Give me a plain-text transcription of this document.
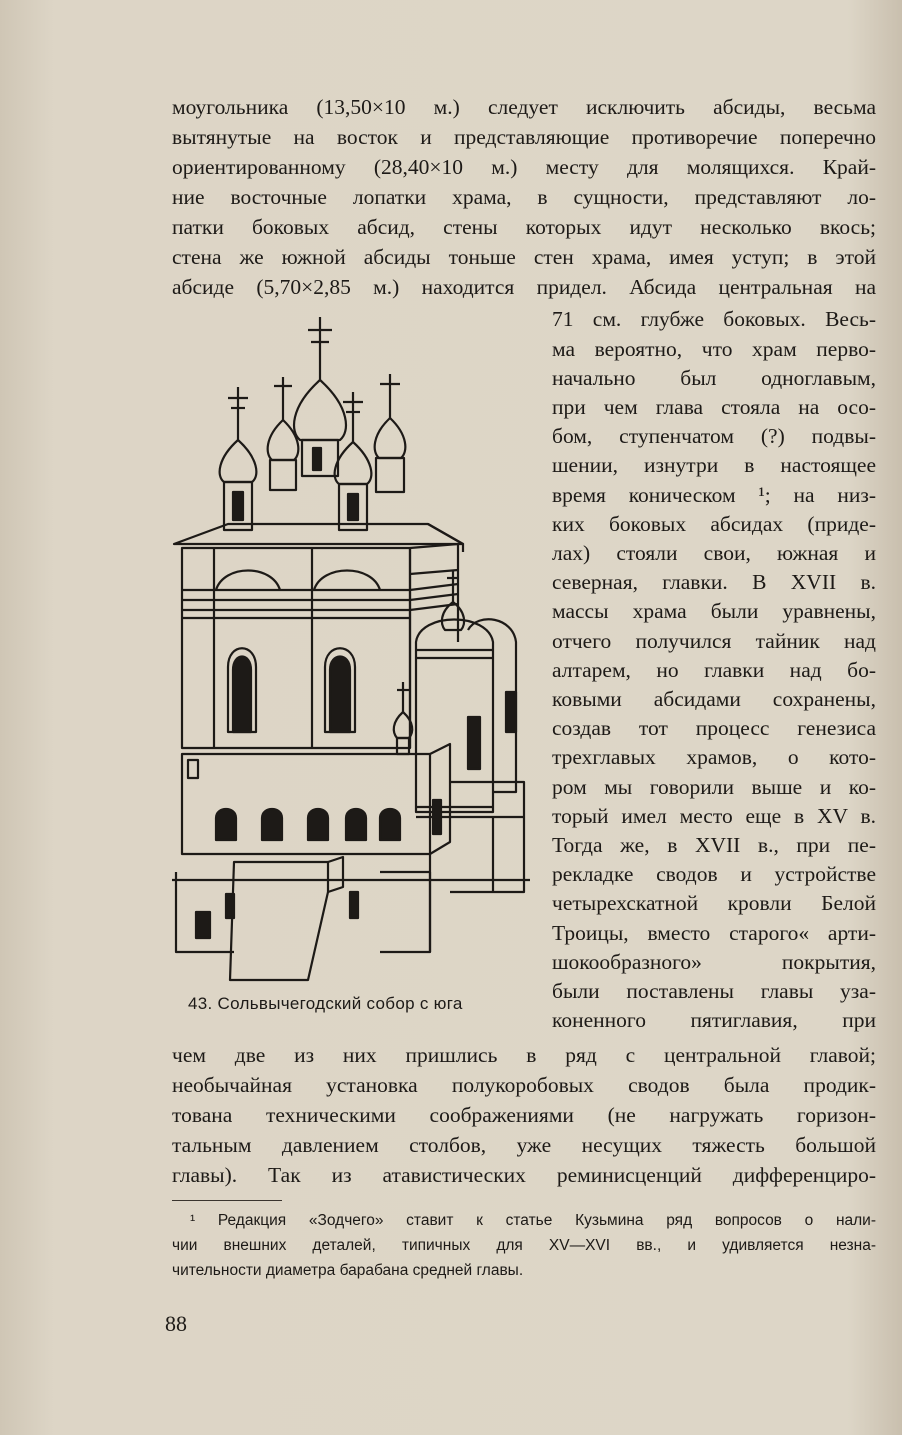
моугольника (13,50×10 м.) следует исключить абсиды, весьма
вытянутые на восток и представляющие противоречие поперечно
ориентированному (28,40×10 м.) месту для молящихся. Край-
ние восточные лопатки храма, в сущности, представляют ло-
патки боковых абсид, стены которых идут несколько вкось;
стена же южной абсиды тоньше стен храма, имея уступ; в этой
абсиде (5,70×2,85 м.) находится придел. Абсида центральная на
71 см. глубже боковых. Весь-
ма вероятно, что храм перво-
начально был одноглавым,
при чем глава стояла на осо-
бом, ступенчатом (?) подвы-
шении, изнутри в настоящее
время коническом ¹; на низ-
ких боковых абсидах (приде-
лах) стояли свои, южная и
северная, главки. В XVII в.
массы храма были уравнены,
отчего получился тайник над
алтарем, но главки над бо-
ковыми абсидами сохранены,
создав тот процесс генезиса
трехглавых храмов, о кото-
ром мы говорили выше и ко-
торый имел место еще в XV в.
Тогда же, в XVII в., при пе-
рекладке сводов и устройстве
четырехскатной кровли Белой
Троицы, вместо старого« арти-
шокообразного» покрытия,
были поставлены главы уза-
коненного пятиглавия, при
чем две из них пришлись в ряд с центральной главой;
необычайная установка полукоробовых сводов была продик-
тована техническими соображениями (не нагружать горизон-
тальным давлением столбов, уже несущих тяжесть большой
главы). Так из атавистических реминисценций дифференциро-
43. Сольвычегодский собор с юга
¹ Редакция «Зодчего» ставит к статье Кузьмина ряд вопросов о нали-
чии внешних деталей, типичных для XV—XVI вв., и удивляется незна-
чительности диаметра барабана средней главы.
88
